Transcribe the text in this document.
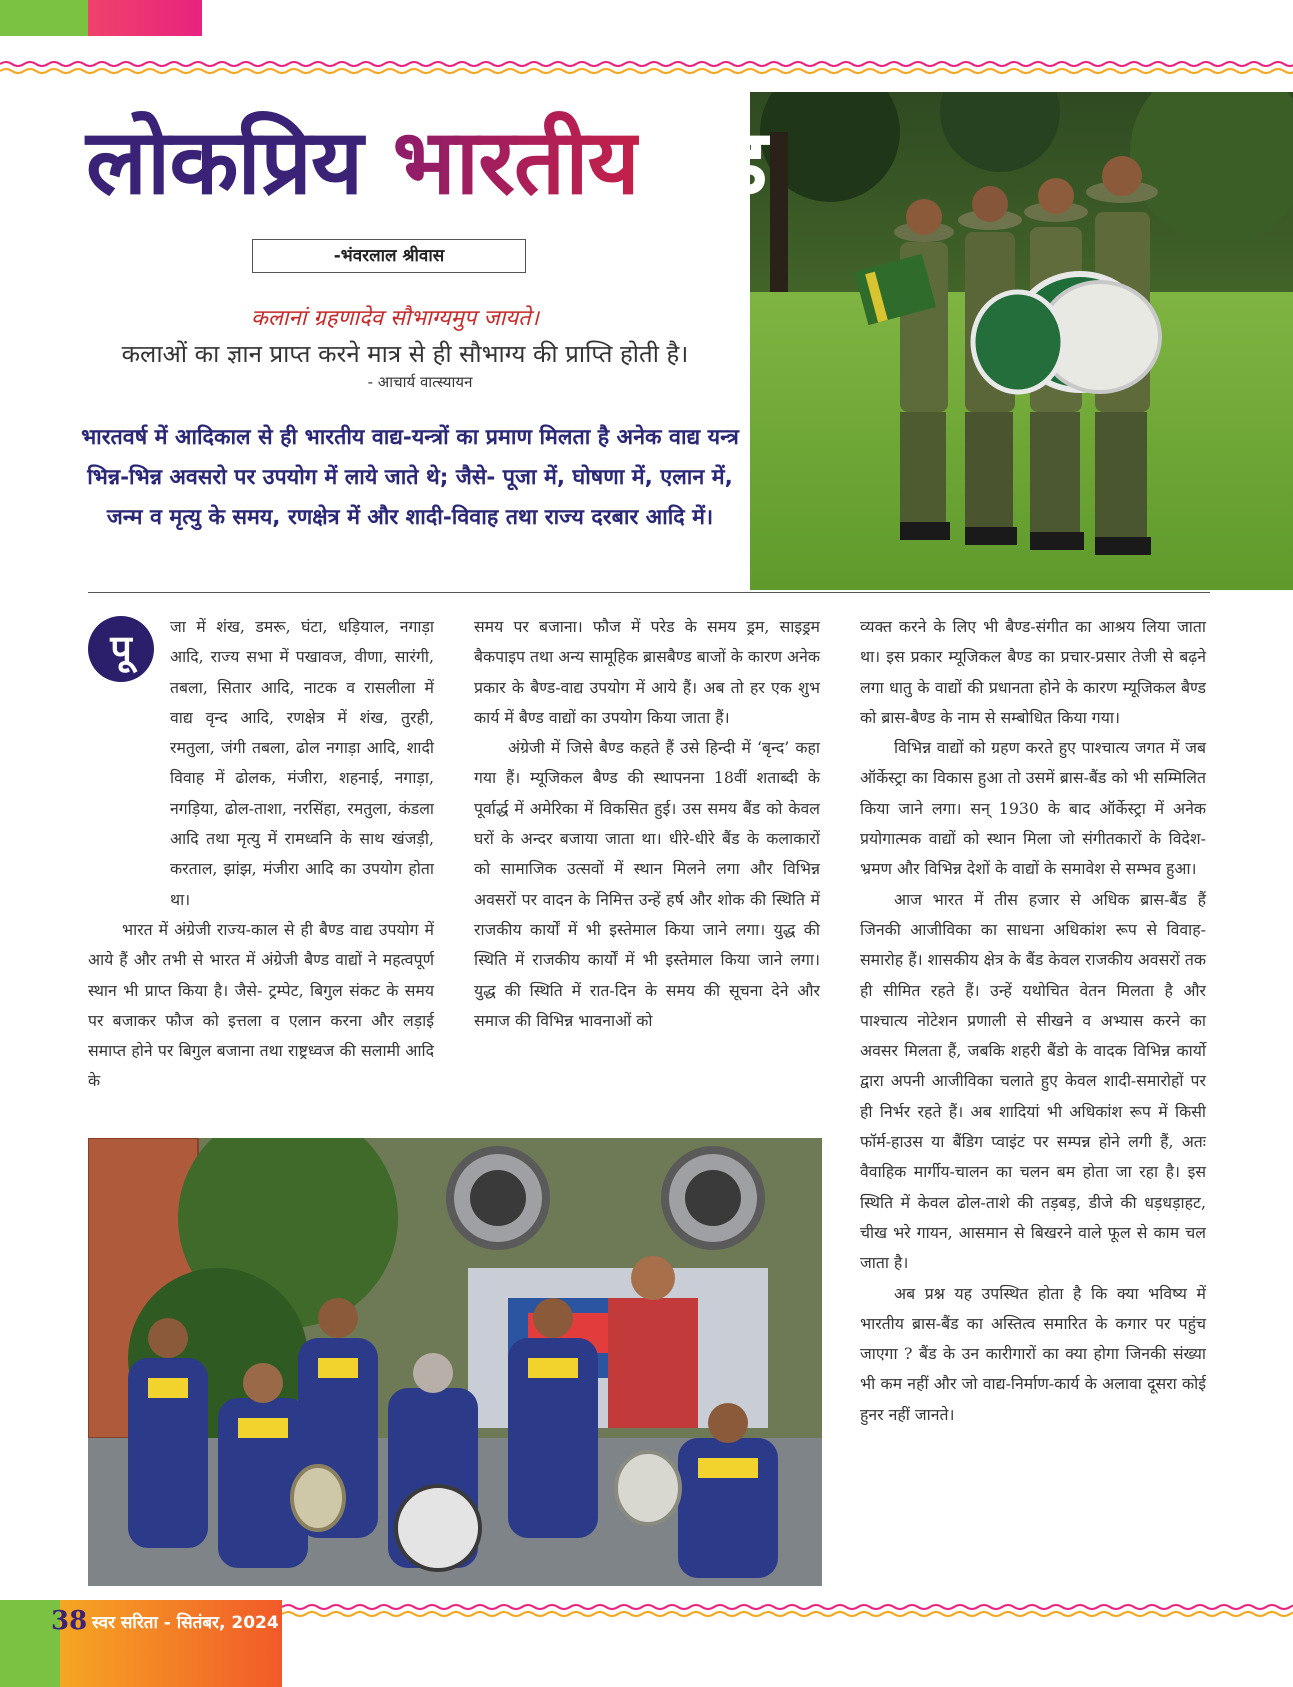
लोकप्रिय भारतीय बैंड
-भंवरलाल श्रीवास
कलानां ग्रहणादेव सौभाग्यमुप जायते।
कलाओं का ज्ञान प्राप्त करने मात्र से ही सौभाग्य की प्राप्ति होती है।
- आचार्य वात्स्यायन
भारतवर्ष में आदिकाल से ही भारतीय वाद्य-यन्त्रों का प्रमाण मिलता है अनेक वाद्य यन्त्र भिन्न-भिन्न अवसरो पर उपयोग में लाये जाते थे; जैसे- पूजा में, घोषणा में, एलान में, जन्म व मृत्यु के समय, रणक्षेत्र में और शादी-विवाह तथा राज्य दरबार आदि में।
पू

जा में शंख, डमरू, घंटा, धड़ियाल, नगाड़ा आदि, राज्य सभा में पखावज, वीणा, सारंगी, तबला, सितार आदि, नाटक व रासलीला में वाद्य वृन्द आदि, रणक्षेत्र में शंख, तुरही, रमतुला, जंगी तबला, ढोल नगाड़ा आदि, शादी विवाह में ढोलक, मंजीरा, शहनाई, नगाड़ा, नगड़िया, ढोल-ताशा, नरसिंहा, रमतुला, कंडला आदि तथा मृत्यु में रामध्वनि के साथ खंजड़ी, करताल, झांझ, मंजीरा आदि का उपयोग होता था।

भारत में अंग्रेजी राज्य-काल से ही बैण्ड वाद्य उपयोग में आये हैं और तभी से भारत में अंग्रेजी बैण्ड वाद्यों ने महत्वपूर्ण स्थान भी प्राप्त किया है। जैसे- ट्रम्पेट, बिगुल संकट के समय पर बजाकर फौज को इत्तला व एलान करना और लड़ाई समाप्त होने पर बिगुल बजाना तथा राष्ट्रध्वज की सलामी आदि के

समय पर बजाना। फौज में परेड के समय ड्रम, साइड्रम बैकपाइप तथा अन्य सामूहिक ब्रासबैण्ड बाजों के कारण अनेक प्रकार के बैण्ड-वाद्य उपयोग में आये हैं। अब तो हर एक शुभ कार्य में बैण्ड वाद्यों का उपयोग किया जाता हैं।

अंग्रेजी में जिसे बैण्ड कहते हैं उसे हिन्दी में ‘बृन्द’ कहा गया हैं। म्यूजिकल बैण्ड की स्थापनना 18वीं शताब्दी के पूर्वार्द्ध में अमेरिका में विकसित हुई। उस समय बैंड को केवल घरों के अन्दर बजाया जाता था। धीरे-धीरे बैंड के कलाकारों को सामाजिक उत्सवों में स्थान मिलने लगा और विभिन्न अवसरों पर वादन के निमित्त उन्हें हर्ष और शोक की स्थिति में राजकीय कार्यों में भी इस्तेमाल किया जाने लगा। युद्ध की स्थिति में राजकीय कार्यों में भी इस्तेमाल किया जाने लगा। युद्ध की स्थिति में रात-दिन के समय की सूचना देने और समाज की विभिन्न भावनाओं को

व्यक्त करने के लिए भी बैण्ड-संगीत का आश्रय लिया जाता था। इस प्रकार म्यूजिकल बैण्ड का प्रचार-प्रसार तेजी से बढ़ने लगा धातु के वाद्यों की प्रधानता होने के कारण म्यूजिकल बैण्ड को ब्रास-बैण्ड के नाम से सम्बोधित किया गया।

विभिन्न वाद्यों को ग्रहण करते हुए पाश्चात्य जगत में जब ऑर्केस्ट्रा का विकास हुआ तो उसमें ब्रास-बैंड को भी सम्मिलित किया जाने लगा। सन् 1930 के बाद ऑर्केस्ट्रा में अनेक प्रयोगात्मक वाद्यों को स्थान मिला जो संगीतकारों के विदेश-भ्रमण और विभिन्न देशों के वाद्यों के समावेश से सम्भव हुआ।

आज भारत में तीस हजार से अधिक ब्रास-बैंड हैं जिनकी आजीविका का साधना अधिकांश रूप से विवाह-समारोह हैं। शासकीय क्षेत्र के बैंड केवल राजकीय अवसरों तक ही सीमित रहते हैं। उन्हें यथोचित वेतन मिलता है और पाश्चात्य नोटेशन प्रणाली से सीखने व अभ्यास करने का अवसर मिलता हैं, जबकि शहरी बैंडो के वादक विभिन्न कार्यो द्वारा अपनी आजीविका चलाते हुए केवल शादी-समारोहों पर ही निर्भर रहते हैं। अब शादियां भी अधिकांश रूप में किसी फॉर्म-हाउस या बैंडिग प्वाइंट पर सम्पन्न होने लगी हैं, अतः वैवाहिक मार्गीय-चालन का चलन बम होता जा रहा है। इस स्थिति में केवल ढोल-ताशे की तड़बड़, डीजे की धड़धड़ाहट, चीख भरे गायन, आसमान से बिखरने वाले फूल से काम चल जाता है।

अब प्रश्न यह उपस्थित होता है कि क्या भविष्य में भारतीय ब्रास-बैंड का अस्तित्व समारित के कगार पर पहुंच जाएगा ? बैंड के उन कारीगारों का क्या होगा जिनकी संख्या भी कम नहीं और जो वाद्य-निर्माण-कार्य के अलावा दूसरा कोई हुनर नहीं जानते।

38 स्वर सरिता - सितंबर, 2024
